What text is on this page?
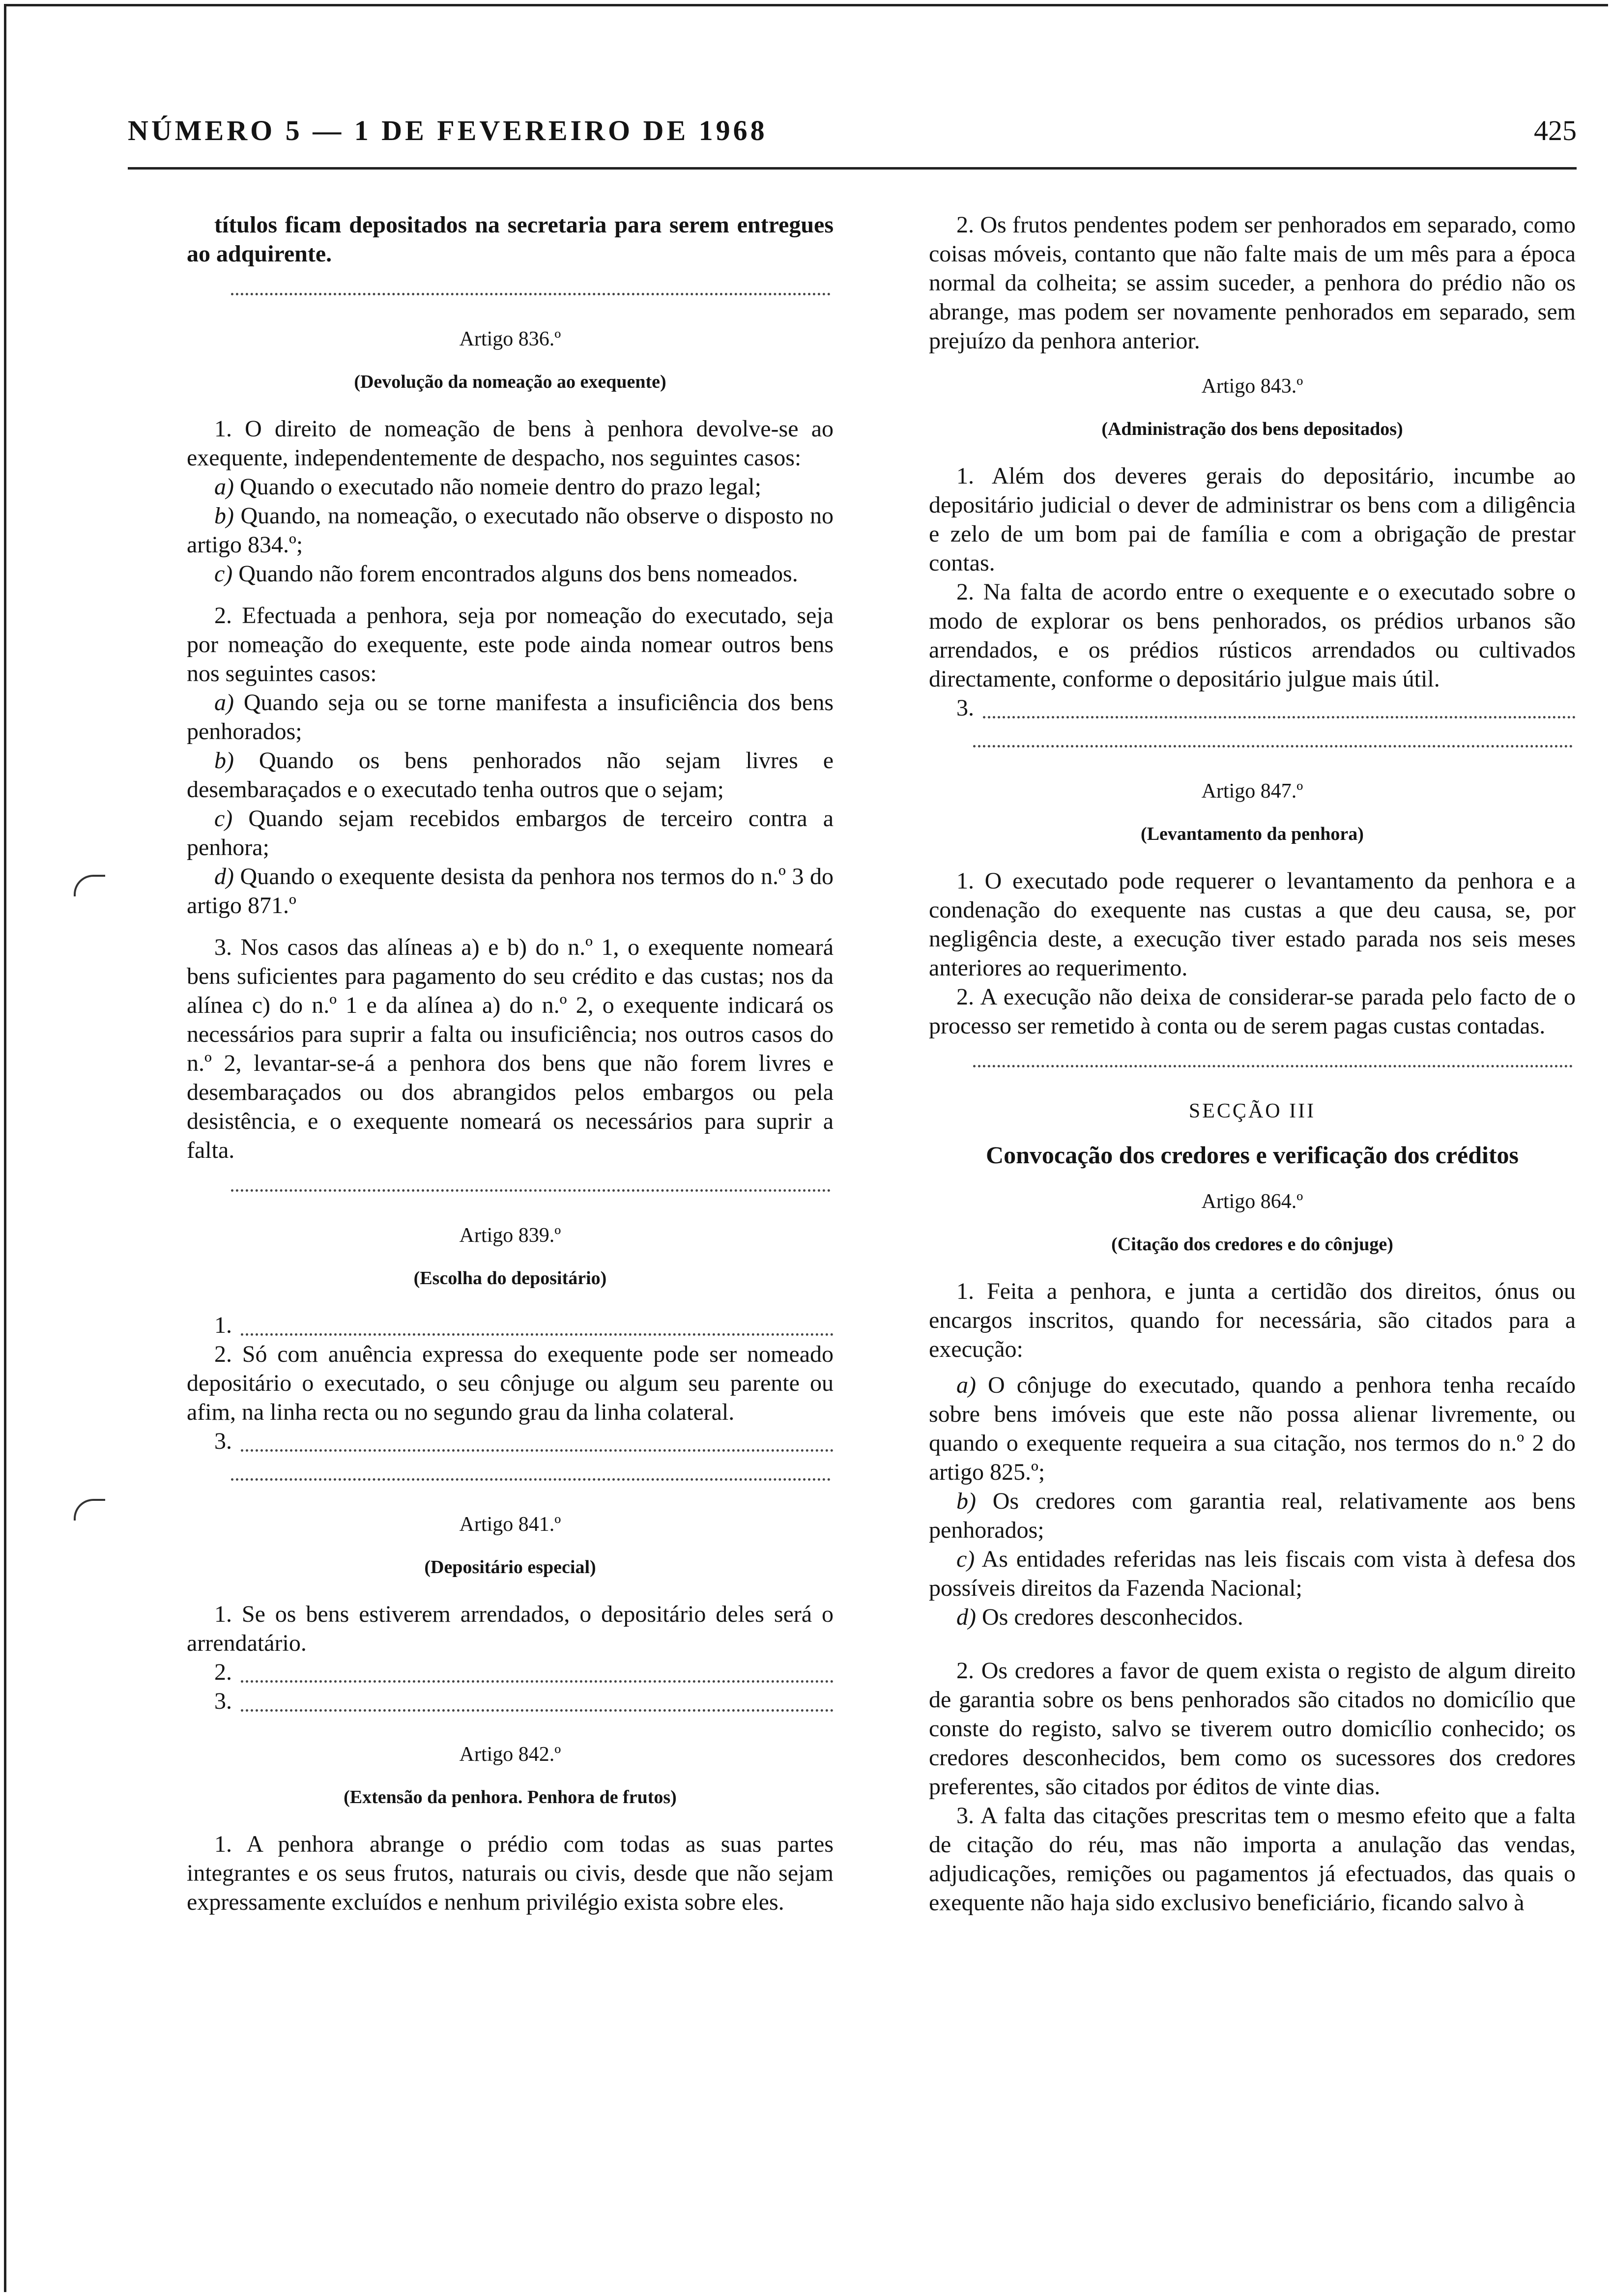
NÚMERO 5 — 1 DE FEVEREIRO DE 1968	425

títulos ficam depositados na secretaria para serem entregues ao adquirente.

Artigo 836.º
(Devolução da nomeação ao exequente)

1. O direito de nomeação de bens à penhora devolve-se ao exequente, independentemente de despacho, nos seguintes casos:

a) Quando o executado não nomeie dentro do prazo legal;

b) Quando, na nomeação, o executado não observe o disposto no artigo 834.º;

c) Quando não forem encontrados alguns dos bens nomeados.

2. Efectuada a penhora, seja por nomeação do executado, seja por nomeação do exequente, este pode ainda nomear outros bens nos seguintes casos:

a) Quando seja ou se torne manifesta a insuficiência dos bens penhorados;

b) Quando os bens penhorados não sejam livres e desembaraçados e o executado tenha outros que o sejam;

c) Quando sejam recebidos embargos de terceiro contra a penhora;

d) Quando o exequente desista da penhora nos termos do n.º 3 do artigo 871.º

3. Nos casos das alíneas a) e b) do n.º 1, o exequente nomeará bens suficientes para pagamento do seu crédito e das custas; nos da alínea c) do n.º 1 e da alínea a) do n.º 2, o exequente indicará os necessários para suprir a falta ou insuficiência; nos outros casos do n.º 2, levantar-se-á a penhora dos bens que não forem livres e desembaraçados ou dos abrangidos pelos embargos ou pela desistência, e o exequente nomeará os necessários para suprir a falta.

Artigo 839.º
(Escolha do depositário)
1.

2. Só com anuência expressa do exequente pode ser nomeado depositário o executado, o seu cônjuge ou algum seu parente ou afim, na linha recta ou no segundo grau da linha colateral.

3.
Artigo 841.º
(Depositário especial)

1. Se os bens estiverem arrendados, o depositário deles será o arrendatário.

2.
3.
Artigo 842.º
(Extensão da penhora. Penhora de frutos)

1. A penhora abrange o prédio com todas as suas partes integrantes e os seus frutos, naturais ou civis, desde que não sejam expressamente excluídos e nenhum privilégio exista sobre eles.

2. Os frutos pendentes podem ser penhorados em separado, como coisas móveis, contanto que não falte mais de um mês para a época normal da colheita; se assim suceder, a penhora do prédio não os abrange, mas podem ser novamente penhorados em separado, sem prejuízo da penhora anterior.

Artigo 843.º
(Administração dos bens depositados)

1. Além dos deveres gerais do depositário, incumbe ao depositário judicial o dever de administrar os bens com a diligência e zelo de um bom pai de família e com a obrigação de prestar contas.

2. Na falta de acordo entre o exequente e o executado sobre o modo de explorar os bens penhorados, os prédios urbanos são arrendados, e os prédios rústicos arrendados ou cultivados directamente, conforme o depositário julgue mais útil.

3.
Artigo 847.º
(Levantamento da penhora)

1. O executado pode requerer o levantamento da penhora e a condenação do exequente nas custas a que deu causa, se, por negligência deste, a execução tiver estado parada nos seis meses anteriores ao requerimento.

2. A execução não deixa de considerar-se parada pelo facto de o processo ser remetido à conta ou de serem pagas custas contadas.

SECÇÃO III
Convocação dos credores e verificação dos créditos
Artigo 864.º
(Citação dos credores e do cônjuge)

1. Feita a penhora, e junta a certidão dos direitos, ónus ou encargos inscritos, quando for necessária, são citados para a execução:

a) O cônjuge do executado, quando a penhora tenha recaído sobre bens imóveis que este não possa alienar livremente, ou quando o exequente requeira a sua citação, nos termos do n.º 2 do artigo 825.º;

b) Os credores com garantia real, relativamente aos bens penhorados;

c) As entidades referidas nas leis fiscais com vista à defesa dos possíveis direitos da Fazenda Nacional;

d) Os credores desconhecidos.

2. Os credores a favor de quem exista o registo de algum direito de garantia sobre os bens penhorados são citados no domicílio que conste do registo, salvo se tiverem outro domicílio conhecido; os credores desconhecidos, bem como os sucessores dos credores preferentes, são citados por éditos de vinte dias.

3. A falta das citações prescritas tem o mesmo efeito que a falta de citação do réu, mas não importa a anulação das vendas, adjudicações, remições ou pagamentos já efectuados, das quais o exequente não haja sido exclusivo beneficiário, ficando salvo à
